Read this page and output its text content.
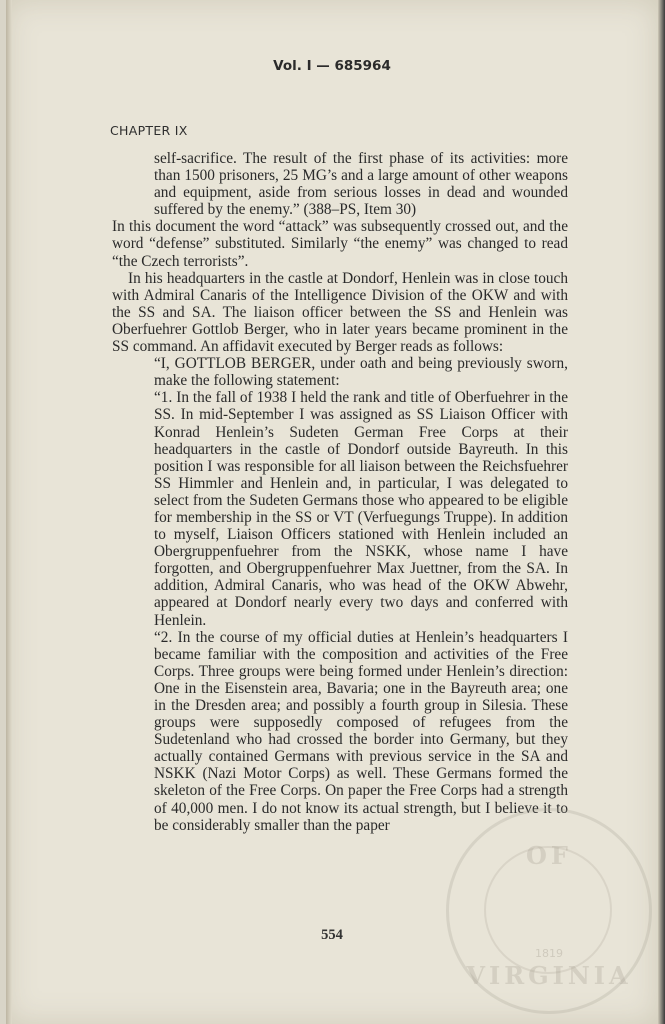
Vol. I — 685964
CHAPTER IX

self-sacrifice. The result of the first phase of its activities: more than 1500 prisoners, 25 MG’s and a large amount of other weapons and equipment, aside from serious losses in dead and wounded suffered by the enemy.” (388–PS, Item 30)

In this document the word “attack” was subsequently crossed out, and the word “defense” substituted. Similarly “the enemy” was changed to read “the Czech terrorists”.

In his headquarters in the castle at Dondorf, Henlein was in close touch with Admiral Canaris of the Intelligence Division of the OKW and with the SS and SA. The liaison officer between the SS and Henlein was Oberfuehrer Gottlob Berger, who in later years became prominent in the SS command. An affidavit executed by Berger reads as follows:

“I, GOTTLOB BERGER, under oath and being previously sworn, make the following statement:

“1. In the fall of 1938 I held the rank and title of Oberfuehrer in the SS. In mid-September I was assigned as SS Liaison Officer with Konrad Henlein’s Sudeten German Free Corps at their headquarters in the castle of Dondorf outside Bayreuth. In this position I was responsible for all liaison between the Reichsfuehrer SS Himmler and Henlein and, in particular, I was delegated to select from the Sudeten Germans those who appeared to be eligible for membership in the SS or VT (Verfuegungs Truppe). In addition to myself, Liaison Officers stationed with Henlein included an Obergruppenfuehrer from the NSKK, whose name I have forgotten, and Obergruppenfuehrer Max Juettner, from the SA. In addition, Admiral Canaris, who was head of the OKW Abwehr, appeared at Dondorf nearly every two days and conferred with Henlein.

“2. In the course of my official duties at Henlein’s headquarters I became familiar with the composition and activities of the Free Corps. Three groups were being formed under Henlein’s direction: One in the Eisenstein area, Bavaria; one in the Bayreuth area; one in the Dresden area; and possibly a fourth group in Silesia. These groups were supposedly composed of refugees from the Sudetenland who had crossed the border into Germany, but they actually contained Germans with previous service in the SA and NSKK (Nazi Motor Corps) as well. These Germans formed the skeleton of the Free Corps. On paper the Free Corps had a strength of 40,000 men. I do not know its actual strength, but I believe it to be considerably smaller than the paper

OF
VIRGINIA
1819
554
